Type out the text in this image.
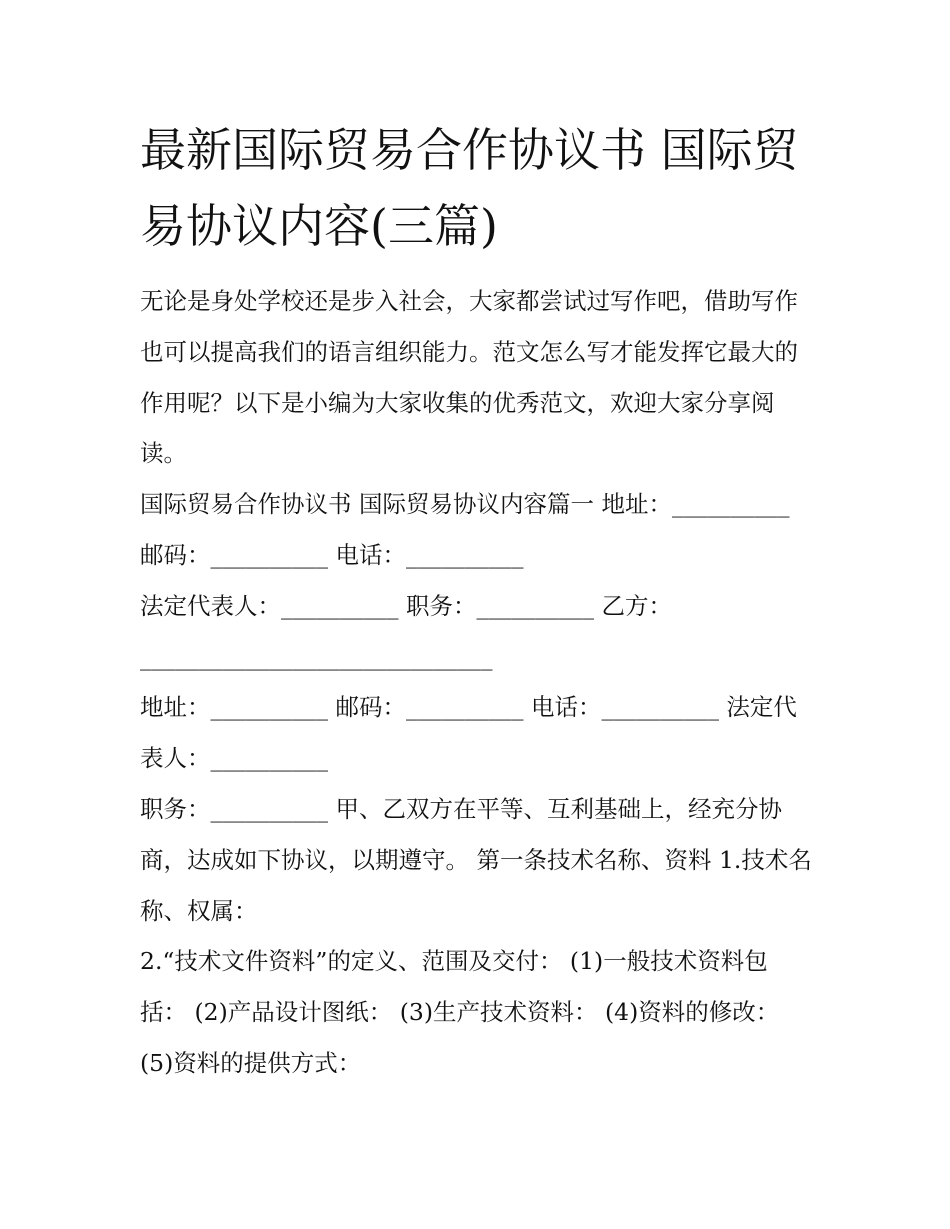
最新国际贸易合作协议书 国际贸易协议内容(三篇)

无论是身处学校还是步入社会，大家都尝试过写作吧，借助写作也可以提高我们的语言组织能力。范文怎么写才能发挥它最大的作用呢？以下是小编为大家收集的优秀范文，欢迎大家分享阅读。

国际贸易合作协议书 国际贸易协议内容篇一 地址：__________ 邮码：__________ 电话：__________

法定代表人：__________ 职务：__________ 乙方：______________________________

地址：__________ 邮码：__________ 电话：__________ 法定代表人：__________

职务：__________ 甲、乙双方在平等、互利基础上，经充分协商，达成如下协议，以期遵守。 第一条技术名称、资料 1.技术名称、权属：

2.“技术文件资料”的定义、范围及交付： (1)一般技术资料包括： (2)产品设计图纸： (3)生产技术资料： (4)资料的修改：(5)资料的提供方式：
